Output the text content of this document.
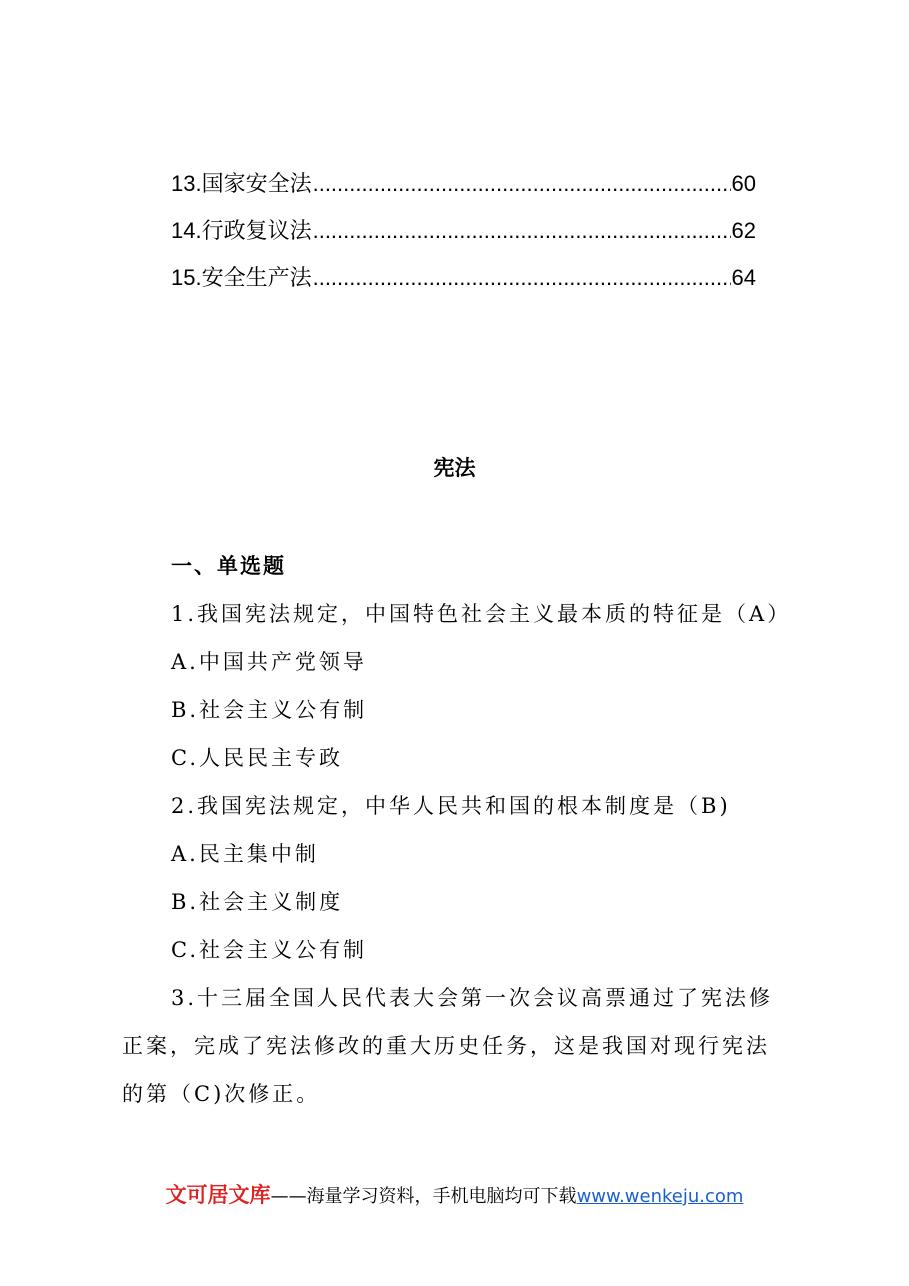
13.国家安全法 .....	60
14.行政复议法 .....	62
15.安全生产法 .....	64
宪法

一、单选题

1.我国宪法规定，中国特色社会主义最本质的特征是（A）

A.中国共产党领导

B.社会主义公有制

C.人民民主专政

2.我国宪法规定，中华人民共和国的根本制度是（B)

A.民主集中制

B.社会主义制度

C.社会主义公有制

3.十三届全国人民代表大会第一次会议高票通过了宪法修

正案，完成了宪法修改的重大历史任务，这是我国对现行宪法

的第（C)次修正。

文可居文库——海量学习资料，手机电脑均可下载www.wenkeju.com
